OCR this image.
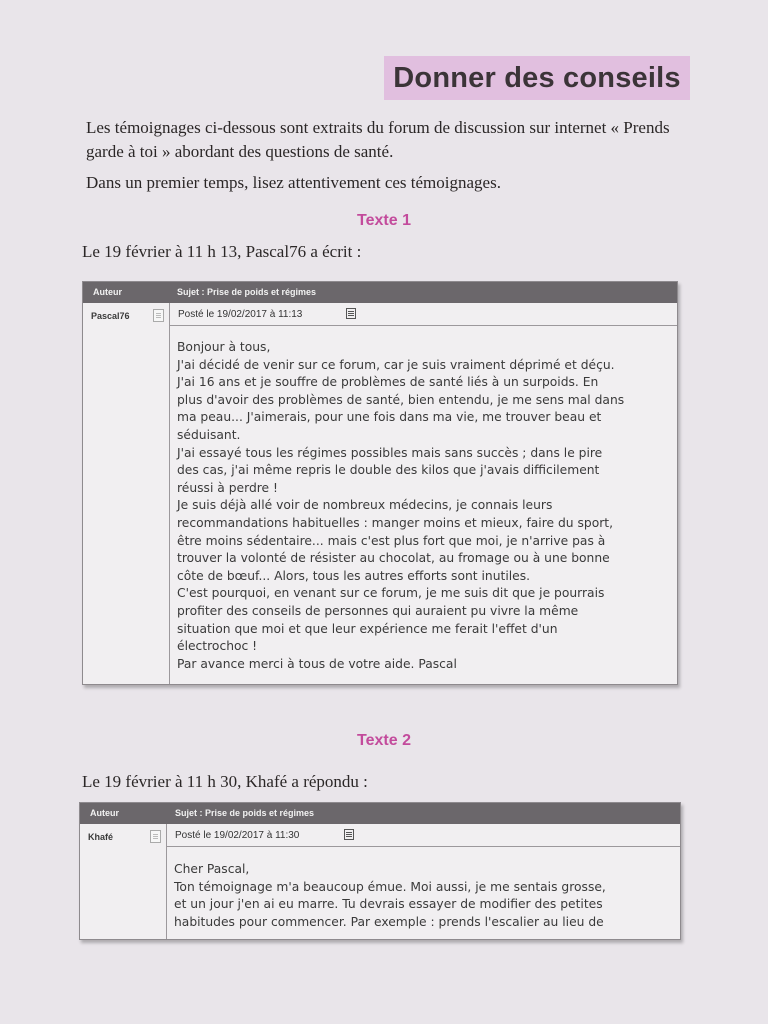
Donner des conseils
Les témoignages ci-dessous sont extraits du forum de discussion sur internet « Prends
garde à toi » abordant des questions de santé.
Dans un premier temps, lisez attentivement ces témoignages.
Texte 1
Le 19 février à 11 h 13, Pascal76 a écrit :
Auteur	Sujet : Prise de poids et régimes
Pascal76	Posté le 19/02/2017 à 11:13

Bonjour à tous,

J'ai décidé de venir sur ce forum, car je suis vraiment déprimé et déçu.

J'ai 16 ans et je souffre de problèmes de santé liés à un surpoids. En

plus d'avoir des problèmes de santé, bien entendu, je me sens mal dans

ma peau... J'aimerais, pour une fois dans ma vie, me trouver beau et

séduisant.

J'ai essayé tous les régimes possibles mais sans succès ; dans le pire

des cas, j'ai même repris le double des kilos que j'avais difficilement

réussi à perdre !

Je suis déjà allé voir de nombreux médecins, je connais leurs

recommandations habituelles : manger moins et mieux, faire du sport,

être moins sédentaire... mais c'est plus fort que moi, je n'arrive pas à

trouver la volonté de résister au chocolat, au fromage ou à une bonne

côte de bœuf... Alors, tous les autres efforts sont inutiles.

C'est pourquoi, en venant sur ce forum, je me suis dit que je pourrais

profiter des conseils de personnes qui auraient pu vivre la même

situation que moi et que leur expérience me ferait l'effet d'un

électrochoc !

Par avance merci à tous de votre aide. Pascal

Texte 2
Le 19 février à 11 h 30, Khafé a répondu :
Auteur	Sujet : Prise de poids et régimes
Khafé	Posté le 19/02/2017 à 11:30

Cher Pascal,

Ton témoignage m'a beaucoup émue. Moi aussi, je me sentais grosse,

et un jour j'en ai eu marre. Tu devrais essayer de modifier des petites

habitudes pour commencer. Par exemple : prends l'escalier au lieu de
